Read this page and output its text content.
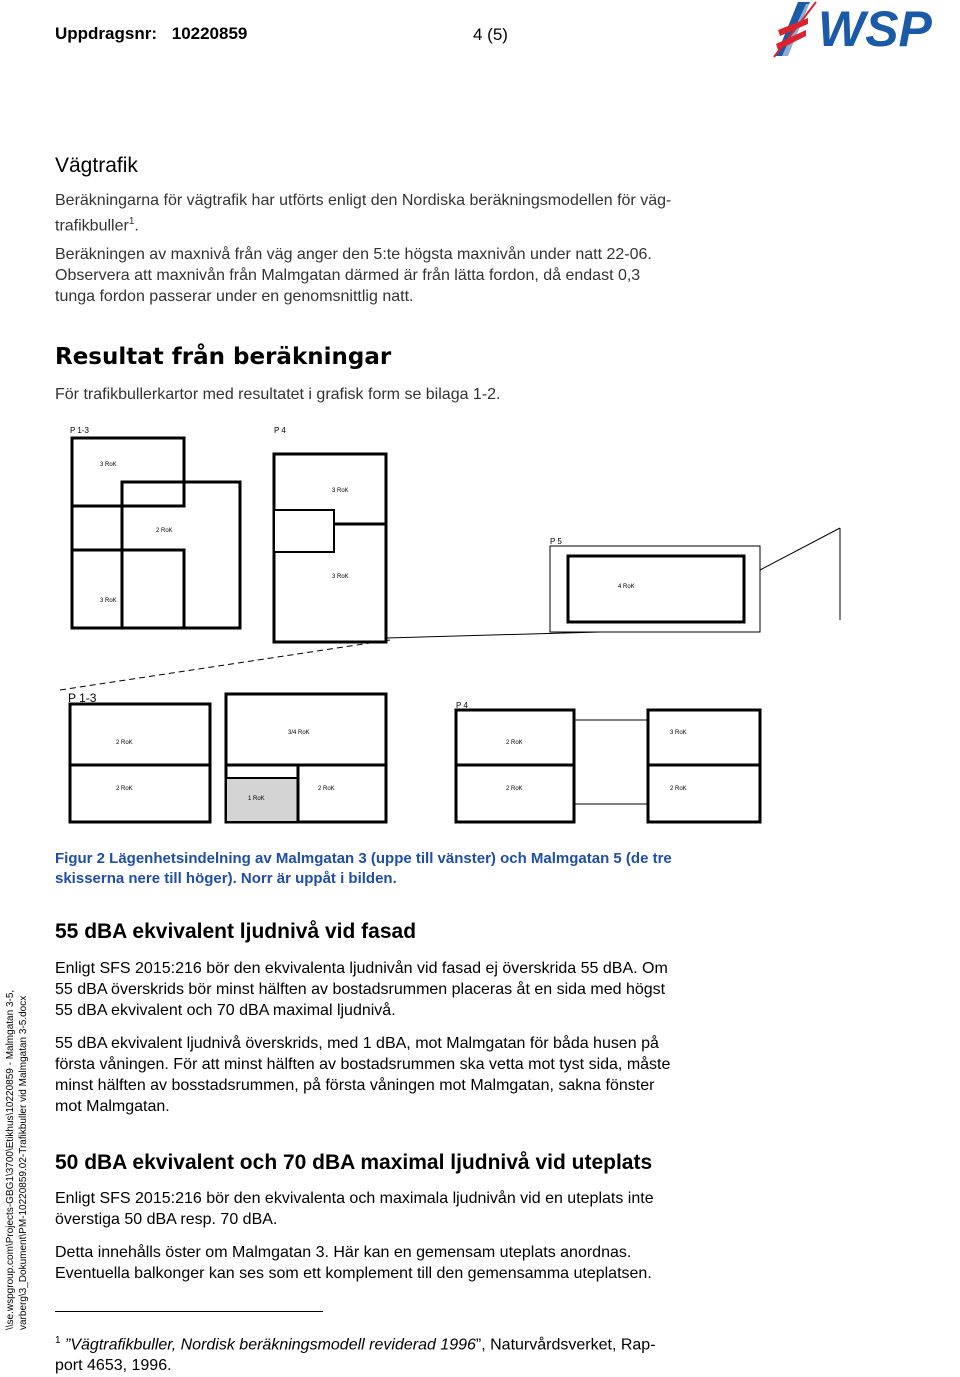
Uppdragsnr: 10220859	4 (5)	WSP
Vägtrafik
Beräkningarna för vägtrafik har utförts enligt den Nordiska beräkningsmodellen för väg-
trafikbuller$^1$.
Beräkningen av maxnivå från väg anger den 5:te högsta maxnivån under natt 22-06.
Observera att maxnivån från Malmgatan därmed är från lätta fordon, då endast 0,3
tunga fordon passerar under en genomsnittlig natt.
Resultat från beräkningar
För trafikbullerkartor med resultatet i grafisk form se bilaga 1-2.
P 1-3	P 4
P 5
P 1-3
P 4
3 RoK
2 RoK
3 RoK
3 RoK
3 RoK
4 RoK
2 RoK
3/4 RoK
2 RoK
3 RoK
2 RoK
1 RoK
2 RoK	2 RoK	2 RoK
Figur 2 Lägenhetsindelning av Malmgatan 3 (uppe till vänster) och Malmgatan 5 (de tre
skisserna nere till höger). Norr är uppåt i bilden.
55 dBA ekvivalent ljudnivå vid fasad
Enligt SFS 2015:216 bör den ekvivalenta ljudnivån vid fasad ej överskrida 55 dBA. Om
55 dBA överskrids bör minst hälften av bostadsrummen placeras åt en sida med högst
55 dBA ekvivalent och 70 dBA maximal ljudnivå.
55 dBA ekvivalent ljudnivå överskrids, med 1 dBA, mot Malmgatan för båda husen på
första våningen. För att minst hälften av bostadsrummen ska vetta mot tyst sida, måste
minst hälften av bosstadsrummen, på första våningen mot Malmgatan, sakna fönster
mot Malmgatan.
50 dBA ekvivalent och 70 dBA maximal ljudnivå vid uteplats
Enligt SFS 2015:216 bör den ekvivalenta och maximala ljudnivån vid en uteplats inte
överstiga 50 dBA resp. 70 dBA.
Detta innehålls öster om Malmgatan 3. Här kan en gemensam uteplats anordnas.
Eventuella balkonger kan ses som ett komplement till den gemensamma uteplatsen.
$^1$ ”Vägtrafikbuller, Nordisk beräkningsmodell reviderad 1996”, Naturvårdsverket, Rap-
port 4653, 1996.
\\se.wspgroup.com\Projects-GBG1\3700\Etikhus\10220859 - Malmgatan 3-5, varberg\3_Dokument\PM-10220859.02-Trafikbuller vid Malmgatan 3-5.docx
